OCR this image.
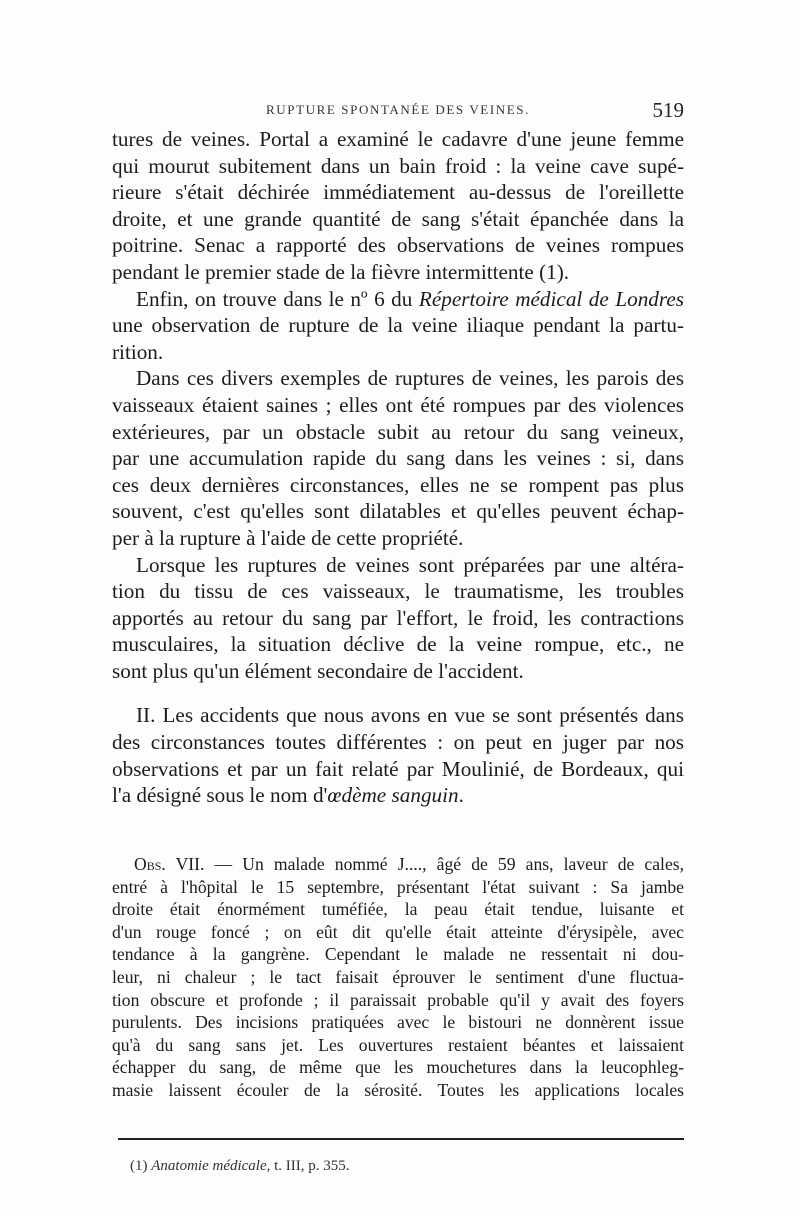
RUPTURE SPONTANÉE DES VEINES.	519
tures de veines. Portal a examiné le cadavre d'une jeune femme
qui mourut subitement dans un bain froid : la veine cave supé-
rieure s'était déchirée immédiatement au-dessus de l'oreillette
droite, et une grande quantité de sang s'était épanchée dans la
poitrine. Senac a rapporté des observations de veines rompues
pendant le premier stade de la fièvre intermittente (1).
Enfin, on trouve dans le nº 6 du Répertoire médical de Londres
une observation de rupture de la veine iliaque pendant la partu-
rition.
Dans ces divers exemples de ruptures de veines, les parois des
vaisseaux étaient saines ; elles ont été rompues par des violences
extérieures, par un obstacle subit au retour du sang veineux,
par une accumulation rapide du sang dans les veines : si, dans
ces deux dernières circonstances, elles ne se rompent pas plus
souvent, c'est qu'elles sont dilatables et qu'elles peuvent échap-
per à la rupture à l'aide de cette propriété.
Lorsque les ruptures de veines sont préparées par une altéra-
tion du tissu de ces vaisseaux, le traumatisme, les troubles
apportés au retour du sang par l'effort, le froid, les contractions
musculaires, la situation déclive de la veine rompue, etc., ne
sont plus qu'un élément secondaire de l'accident.
II. Les accidents que nous avons en vue se sont présentés dans
des circonstances toutes différentes : on peut en juger par nos
observations et par un fait relaté par Moulinié, de Bordeaux, qui
l'a désigné sous le nom d'œdème sanguin.
Obs. VII. — Un malade nommé J...., âgé de 59 ans, laveur de cales,
entré à l'hôpital le 15 septembre, présentant l'état suivant : Sa jambe
droite était énormément tuméfiée, la peau était tendue, luisante et
d'un rouge foncé ; on eût dit qu'elle était atteinte d'érysipèle, avec
tendance à la gangrène. Cependant le malade ne ressentait ni dou-
leur, ni chaleur ; le tact faisait éprouver le sentiment d'une fluctua-
tion obscure et profonde ; il paraissait probable qu'il y avait des foyers
purulents. Des incisions pratiquées avec le bistouri ne donnèrent issue
qu'à du sang sans jet. Les ouvertures restaient béantes et laissaient
échapper du sang, de même que les mouchetures dans la leucophleg-
masie laissent écouler de la sérosité. Toutes les applications locales
(1) Anatomie médicale, t. III, p. 355.
